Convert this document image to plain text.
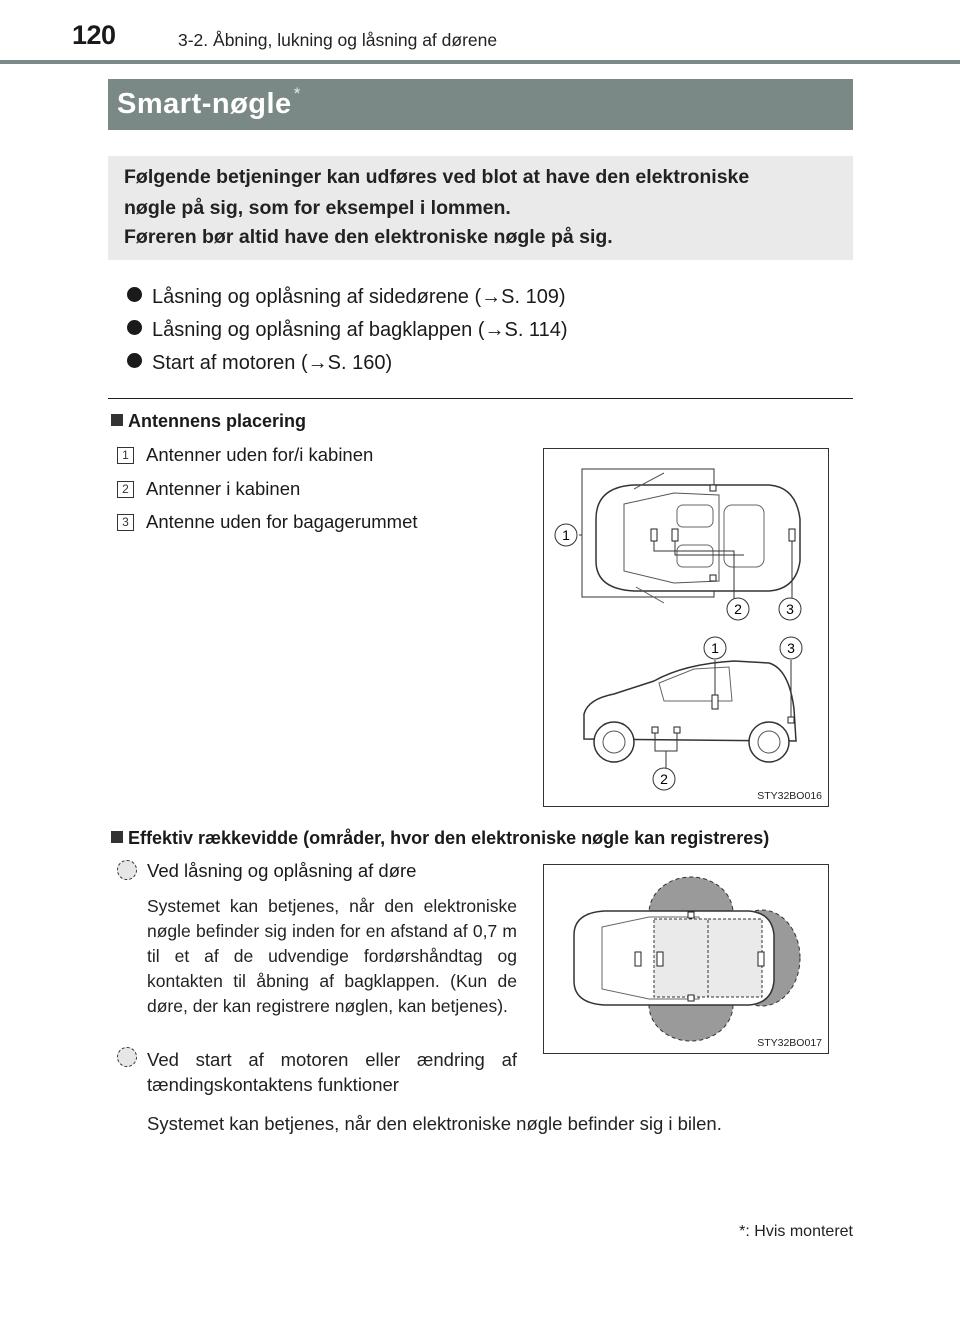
120	3-2. Åbning, lukning og låsning af dørene
Smart-nøgle *
Følgende betjeninger kan udføres ved blot at have den elektroniske
nøgle på sig, som for eksempel i lommen.
Føreren bør altid have den elektroniske nøgle på sig.
Låsning og oplåsning af sidedørene (→S. 109)
Låsning og oplåsning af bagklappen (→S. 114)
Start af motoren (→S. 160)
Antennens placering
1 Antenner uden for/i kabinen
2 Antenner i kabinen
3 Antenne uden for bagagerummet
1
2	3
1	3
2
STY32BO016
Effektiv rækkevidde (områder, hvor den elektroniske nøgle kan registreres)
Ved låsning og oplåsning af døre
Systemet kan betjenes, når den elektroniske nøgle befinder sig inden for en afstand af 0,7 m til et af de udvendige fordørshåndtag og kontakten til åbning af bagklappen. (Kun de døre, der kan registrere nøglen, kan betjenes).
Ved start af motoren eller ændring af tændingskontaktens funktioner
Systemet kan betjenes, når den elektroniske nøgle befinder sig i bilen.
STY32BO017
*: Hvis monteret
